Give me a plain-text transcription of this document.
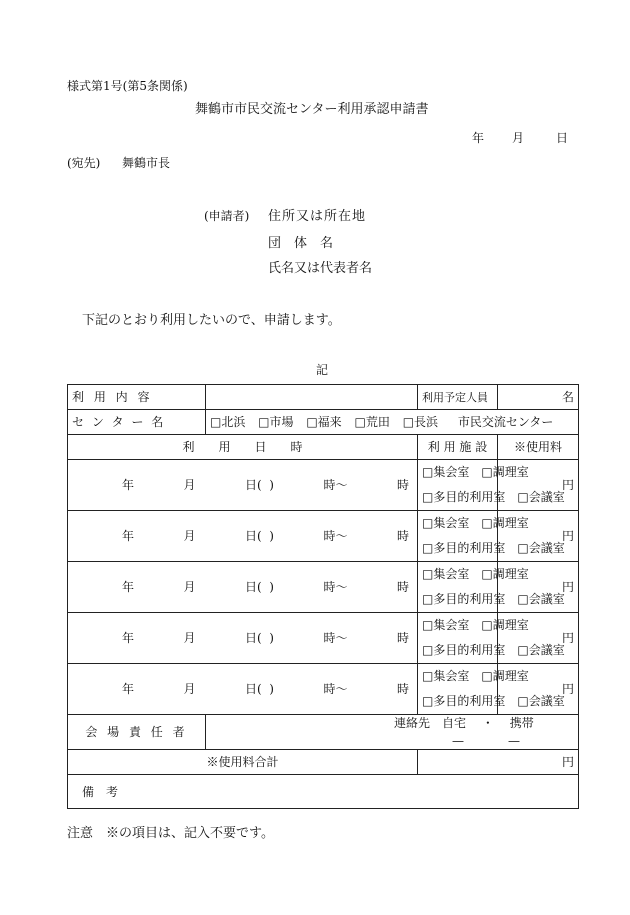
様式第1号(第5条関係)
舞鶴市市民交流センター利用承認申請書
年 月	日
(宛先) 舞鶴市長
(申請者) 住所又は所在地
団　体　名
氏名又は代表者名
下記のとおり利用したいので、申請します。
記
利 用 内 容		利用予定人員	名
セ ン タ ー 名	□北浜 □市場 □福来 □荒田 □長浜 市民交流センター		
利　　用　　日　　時		利 用 施 設	※使用料

年 月 日( ) 時〜 時		□集会室　 □調理室
□多目的利用室　 □会議室	円

年 月 日( ) 時〜 時		□集会室　 □調理室
□多目的利用室　 □会議室	円

年 月 日( ) 時〜 時		□集会室　 □調理室
□多目的利用室　 □会議室	円

年 月 日( ) 時〜 時		□集会室　 □調理室
□多目的利用室　 □会議室	円

年 月 日( ) 時〜 時		□集会室　 □調理室
□多目的利用室　 □会議室	円
会 場 責 任 者	連絡先　 自宅　 ・　 携帯
— —		

※使用料合計		円	
備　考			
注意　※の項目は、記入不要です。
